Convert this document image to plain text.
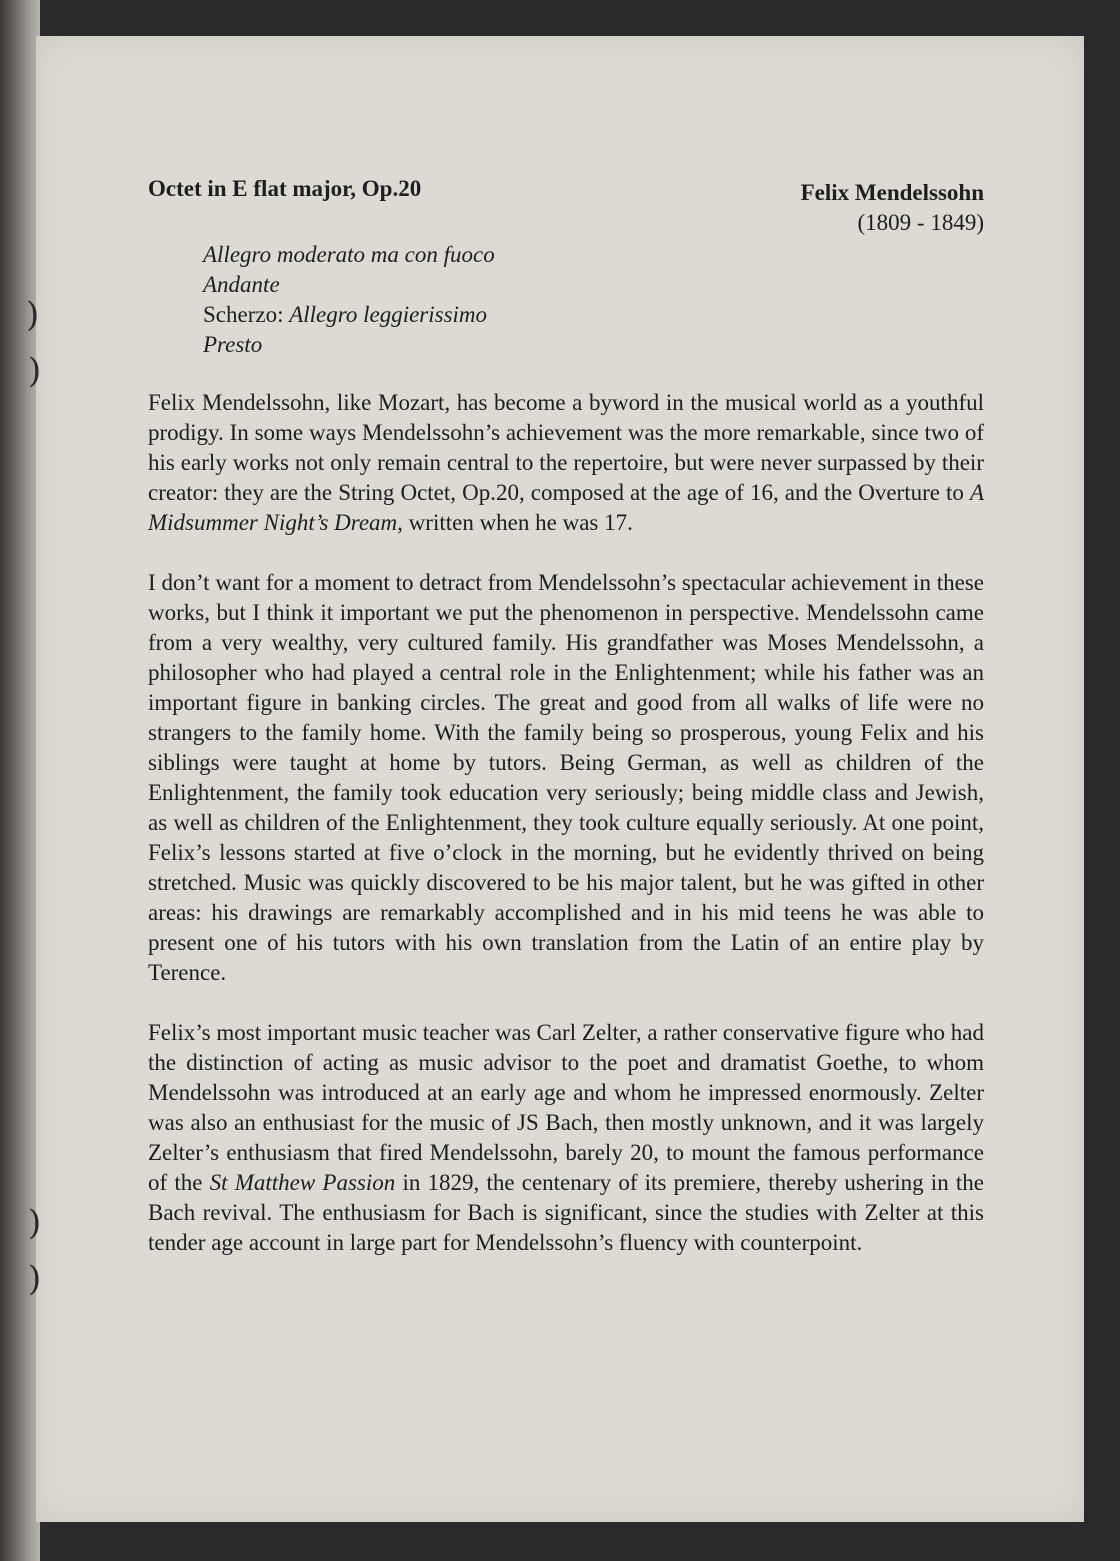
)
)
)
)
Octet in E flat major, Op.20	Felix Mendelssohn
(1809 - 1849)
Allegro moderato ma con fuoco
Andante
Scherzo: Allegro leggierissimo
Presto

Felix Mendelssohn, like Mozart, has become a byword in the musical world as a youthful prodigy. In some ways Mendelssohn’s achievement was the more remarkable, since two of his early works not only remain central to the repertoire, but were never surpassed by their creator: they are the String Octet, Op.20, composed at the age of 16, and the Overture to A Midsummer Night’s Dream, written when he was 17.

I don’t want for a moment to detract from Mendelssohn’s spectacular achievement in these works, but I think it important we put the phenomenon in perspective. Mendelssohn came from a very wealthy, very cultured family. His grandfather was Moses Mendelssohn, a philosopher who had played a central role in the Enlightenment; while his father was an important figure in banking circles. The great and good from all walks of life were no strangers to the family home. With the family being so prosperous, young Felix and his siblings were taught at home by tutors. Being German, as well as children of the Enlightenment, the family took education very seriously; being middle class and Jewish, as well as children of the Enlightenment, they took culture equally seriously. At one point, Felix’s lessons started at five o’clock in the morning, but he evidently thrived on being stretched. Music was quickly discovered to be his major talent, but he was gifted in other areas: his drawings are remarkably accomplished and in his mid teens he was able to present one of his tutors with his own translation from the Latin of an entire play by Terence.

Felix’s most important music teacher was Carl Zelter, a rather conservative figure who had the distinction of acting as music advisor to the poet and dramatist Goethe, to whom Mendelssohn was introduced at an early age and whom he impressed enormously. Zelter was also an enthusiast for the music of JS Bach, then mostly unknown, and it was largely Zelter’s enthusiasm that fired Mendelssohn, barely 20, to mount the famous performance of the St Matthew Passion in 1829, the centenary of its premiere, thereby ushering in the Bach revival. The enthusiasm for Bach is significant, since the studies with Zelter at this tender age account in large part for Mendelssohn’s fluency with counterpoint.
